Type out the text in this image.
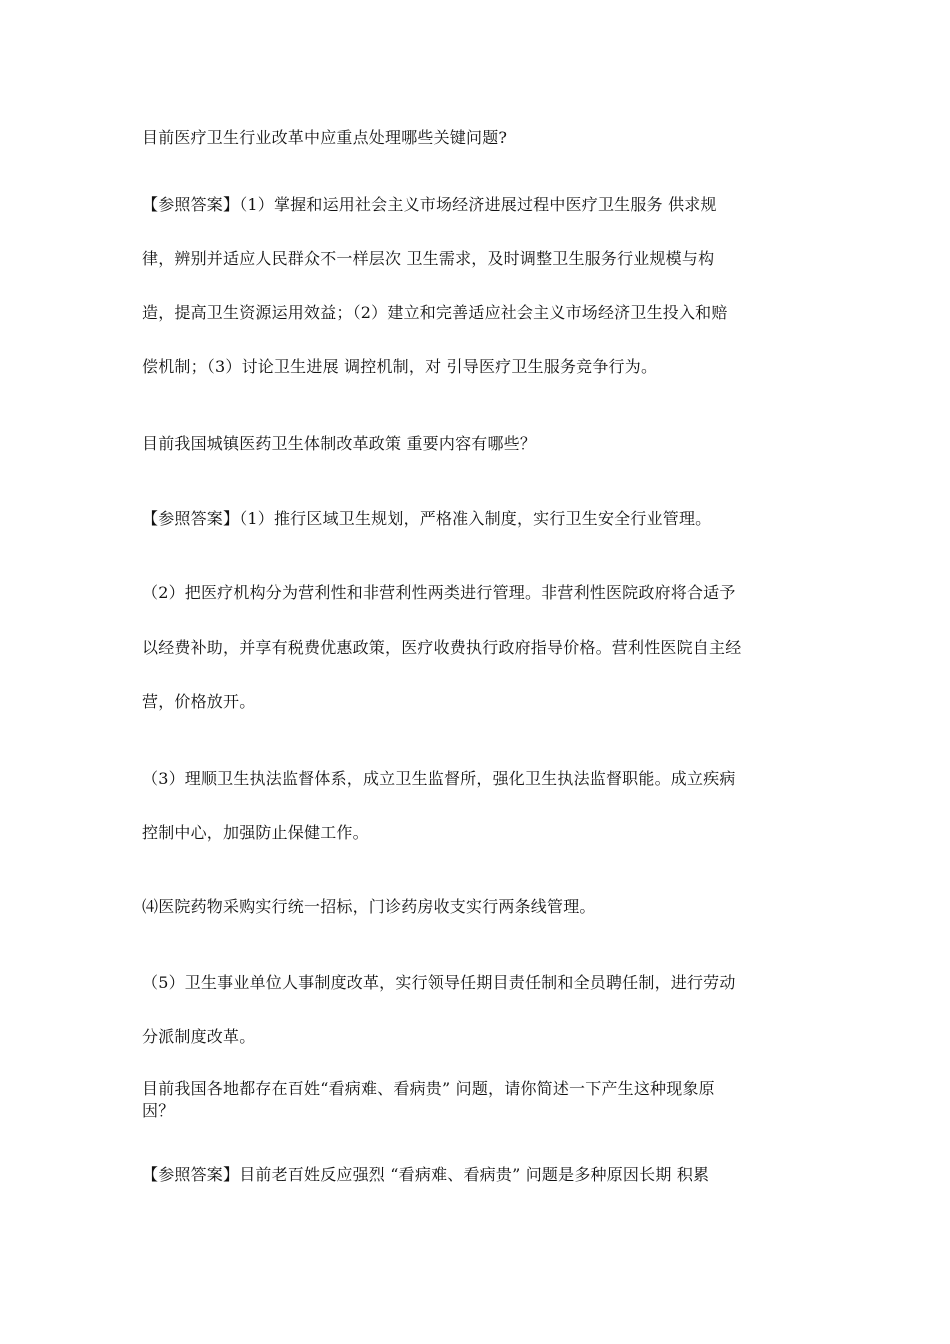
目前医疗卫生行业改革中应重点处理哪些关键问题?
【参照答案】（1）掌握和运用社会主义市场经济进展过程中医疗卫生服务 供求规
律，辨别并适应人民群众不一样层次 卫生需求，及时调整卫生服务行业规模与构
造，提高卫生资源运用效益；（2）建立和完善适应社会主义市场经济卫生投入和赔
偿机制；（3）讨论卫生进展 调控机制，对 引导医疗卫生服务竞争行为。
目前我国城镇医药卫生体制改革政策 重要内容有哪些？
【参照答案】（1）推行区域卫生规划，严格准入制度，实行卫生安全行业管理。
（2）把医疗机构分为营利性和非营利性两类进行管理。非营利性医院政府将合适予
以经费补助，并享有税费优惠政策，医疗收费执行政府指导价格。营利性医院自主经
营，价格放开。
（3）理顺卫生执法监督体系，成立卫生监督所，强化卫生执法监督职能。成立疾病
控制中心，加强防止保健工作。
⑷医院药物采购实行统一招标，门诊药房收支实行两条线管理。
（5）卫生事业单位人事制度改革，实行领导任期目责任制和全员聘任制，进行劳动
分派制度改革。
目前我国各地都存在百姓“看病难、看病贵” 问题，请你简述一下产生这种现象原
因？
【参照答案】目前老百姓反应强烈 “看病难、看病贵” 问题是多种原因长期 积累
